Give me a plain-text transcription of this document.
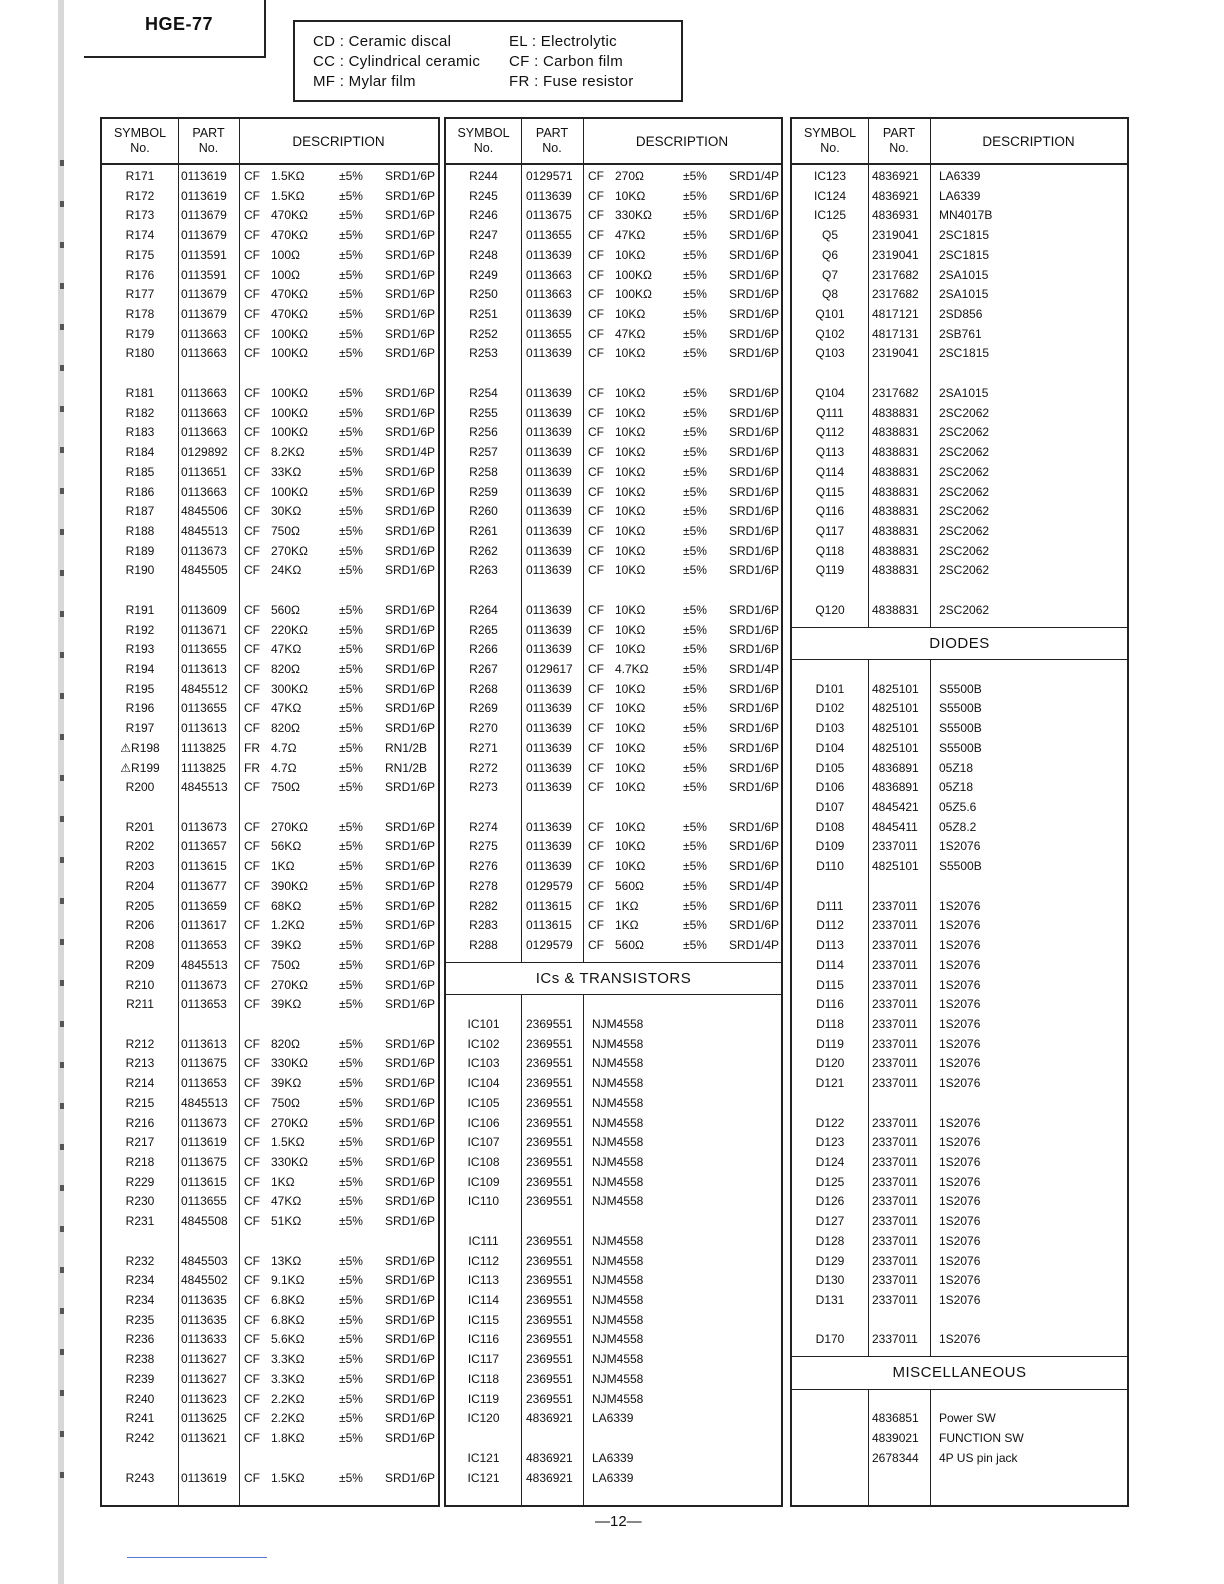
HGE-77
CD : Ceramic discal	EL : Electrolytic
CC : Cylindrical ceramic CF : Carbon film
MF : Mylar film	FR : Fuse resistor
SYMBOL
No.
PART
No.	DESCRIPTION
R171	0113619 CF 1.5KΩ	±5% SRD1/6P
R172	0113619 CF 1.5KΩ	±5% SRD1/6P
R173	0113679 CF 470KΩ	±5% SRD1/6P
R174	0113679 CF 470KΩ	±5% SRD1/6P
R175	0113591 CF 100Ω	±5% SRD1/6P
R176	0113591 CF 100Ω	±5% SRD1/6P
R177	0113679 CF 470KΩ	±5% SRD1/6P
R178	0113679 CF 470KΩ	±5% SRD1/6P
R179	0113663 CF 100KΩ	±5% SRD1/6P
R180	0113663 CF 100KΩ	±5% SRD1/6P
R181	0113663 CF 100KΩ	±5% SRD1/6P
R182	0113663 CF 100KΩ	±5% SRD1/6P
R183	0113663 CF 100KΩ	±5% SRD1/6P
R184	0129892 CF 8.2KΩ	±5% SRD1/4P
R185	0113651 CF 33KΩ	±5% SRD1/6P
R186	0113663 CF 100KΩ	±5% SRD1/6P
R187	4845506 CF 30KΩ	±5% SRD1/6P
R188	4845513 CF 750Ω	±5% SRD1/6P
R189	0113673 CF 270KΩ	±5% SRD1/6P
R190	4845505 CF 24KΩ	±5% SRD1/6P
R191	0113609 CF 560Ω	±5% SRD1/6P
R192	0113671 CF 220KΩ	±5% SRD1/6P
R193	0113655 CF 47KΩ	±5% SRD1/6P
R194	0113613 CF 820Ω	±5% SRD1/6P
R195	4845512 CF 300KΩ	±5% SRD1/6P
R196	0113655 CF 47KΩ	±5% SRD1/6P
R197	0113613 CF 820Ω	±5% SRD1/6P
⚠R198	1113825 FR 4.7Ω	±5% RN1/2B
⚠R199	1113825 FR 4.7Ω	±5% RN1/2B
R200	4845513 CF 750Ω	±5% SRD1/6P
R201	0113673 CF 270KΩ	±5% SRD1/6P
R202	0113657 CF 56KΩ	±5% SRD1/6P
R203	0113615 CF 1KΩ	±5% SRD1/6P
R204	0113677 CF 390KΩ	±5% SRD1/6P
R205	0113659 CF 68KΩ	±5% SRD1/6P
R206	0113617 CF 1.2KΩ	±5% SRD1/6P
R208	0113653 CF 39KΩ	±5% SRD1/6P
R209	4845513 CF 750Ω	±5% SRD1/6P
R210	0113673 CF 270KΩ	±5% SRD1/6P
R211	0113653 CF 39KΩ	±5% SRD1/6P
R212	0113613 CF 820Ω	±5% SRD1/6P
R213	0113675 CF 330KΩ	±5% SRD1/6P
R214	0113653 CF 39KΩ	±5% SRD1/6P
R215	4845513 CF 750Ω	±5% SRD1/6P
R216	0113673 CF 270KΩ	±5% SRD1/6P
R217	0113619 CF 1.5KΩ	±5% SRD1/6P
R218	0113675 CF 330KΩ	±5% SRD1/6P
R229	0113615 CF 1KΩ	±5% SRD1/6P
R230	0113655 CF 47KΩ	±5% SRD1/6P
R231	4845508 CF 51KΩ	±5% SRD1/6P
R232	4845503 CF 13KΩ	±5% SRD1/6P
R234	4845502 CF 9.1KΩ	±5% SRD1/6P
R234	0113635 CF 6.8KΩ	±5% SRD1/6P
R235	0113635 CF 6.8KΩ	±5% SRD1/6P
R236	0113633 CF 5.6KΩ	±5% SRD1/6P
R238	0113627 CF 3.3KΩ	±5% SRD1/6P
R239	0113627 CF 3.3KΩ	±5% SRD1/6P
R240	0113623 CF 2.2KΩ	±5% SRD1/6P
R241	0113625 CF 2.2KΩ	±5% SRD1/6P
R242	0113621 CF 1.8KΩ	±5% SRD1/6P
R243	0113619 CF 1.5KΩ	±5% SRD1/6P
SYMBOL
No.
PART
No.	DESCRIPTION
R244	0129571 CF 270Ω	±5% SRD1/4P
R245	0113639 CF 10KΩ	±5% SRD1/6P
R246	0113675 CF 330KΩ	±5% SRD1/6P
R247	0113655 CF 47KΩ	±5% SRD1/6P
R248	0113639 CF 10KΩ	±5% SRD1/6P
R249	0113663 CF 100KΩ	±5% SRD1/6P
R250	0113663 CF 100KΩ	±5% SRD1/6P
R251	0113639 CF 10KΩ	±5% SRD1/6P
R252	0113655 CF 47KΩ	±5% SRD1/6P
R253	0113639 CF 10KΩ	±5% SRD1/6P
R254	0113639 CF 10KΩ	±5% SRD1/6P
R255	0113639 CF 10KΩ	±5% SRD1/6P
R256	0113639 CF 10KΩ	±5% SRD1/6P
R257	0113639 CF 10KΩ	±5% SRD1/6P
R258	0113639 CF 10KΩ	±5% SRD1/6P
R259	0113639 CF 10KΩ	±5% SRD1/6P
R260	0113639 CF 10KΩ	±5% SRD1/6P
R261	0113639 CF 10KΩ	±5% SRD1/6P
R262	0113639 CF 10KΩ	±5% SRD1/6P
R263	0113639 CF 10KΩ	±5% SRD1/6P
R264	0113639 CF 10KΩ	±5% SRD1/6P
R265	0113639 CF 10KΩ	±5% SRD1/6P
R266	0113639 CF 10KΩ	±5% SRD1/6P
R267	0129617 CF 4.7KΩ	±5% SRD1/4P
R268	0113639 CF 10KΩ	±5% SRD1/6P
R269	0113639 CF 10KΩ	±5% SRD1/6P
R270	0113639 CF 10KΩ	±5% SRD1/6P
R271	0113639 CF 10KΩ	±5% SRD1/6P
R272	0113639 CF 10KΩ	±5% SRD1/6P
R273	0113639 CF 10KΩ	±5% SRD1/6P
R274	0113639 CF 10KΩ	±5% SRD1/6P
R275	0113639 CF 10KΩ	±5% SRD1/6P
R276	0113639 CF 10KΩ	±5% SRD1/6P
R278	0129579 CF 560Ω	±5% SRD1/4P
R282	0113615 CF 1KΩ	±5% SRD1/6P
R283	0113615 CF 1KΩ	±5% SRD1/6P
R288	0129579 CF 560Ω	±5% SRD1/4P
ICs & TRANSISTORS
IC101	2369551 NJM4558
IC102	2369551 NJM4558
IC103	2369551 NJM4558
IC104	2369551 NJM4558
IC105	2369551 NJM4558
IC106	2369551 NJM4558
IC107	2369551 NJM4558
IC108	2369551 NJM4558
IC109	2369551 NJM4558
IC110	2369551 NJM4558
IC111	2369551 NJM4558
IC112	2369551 NJM4558
IC113	2369551 NJM4558
IC114	2369551 NJM4558
IC115	2369551 NJM4558
IC116	2369551 NJM4558
IC117	2369551 NJM4558
IC118	2369551 NJM4558
IC119	2369551 NJM4558
IC120	4836921 LA6339
IC121	4836921 LA6339
IC121	4836921 LA6339
SYMBOL
No.
PART
No.	DESCRIPTION
IC123	4836921 LA6339
IC124	4836921 LA6339
IC125	4836931 MN4017B
Q5	2319041 2SC1815
Q6	2319041 2SC1815
Q7	2317682 2SA1015
Q8	2317682 2SA1015
Q101	4817121 2SD856
Q102	4817131 2SB761
Q103	2319041 2SC1815
Q104	2317682 2SA1015
Q111	4838831 2SC2062
Q112	4838831 2SC2062
Q113	4838831 2SC2062
Q114	4838831 2SC2062
Q115	4838831 2SC2062
Q116	4838831 2SC2062
Q117	4838831 2SC2062
Q118	4838831 2SC2062
Q119	4838831 2SC2062
Q120	4838831 2SC2062
DIODES
D101	4825101 S5500B
D102	4825101 S5500B
D103	4825101 S5500B
D104	4825101 S5500B
D105	4836891 05Z18
D106	4836891 05Z18
D107	4845421 05Z5.6
D108	4845411 05Z8.2
D109	2337011 1S2076
D110	4825101 S5500B
D111	2337011 1S2076
D112	2337011 1S2076
D113	2337011 1S2076
D114	2337011 1S2076
D115	2337011 1S2076
D116	2337011 1S2076
D118	2337011 1S2076
D119	2337011 1S2076
D120	2337011 1S2076
D121	2337011 1S2076
D122	2337011 1S2076
D123	2337011 1S2076
D124	2337011 1S2076
D125	2337011 1S2076
D126	2337011 1S2076
D127	2337011 1S2076
D128	2337011 1S2076
D129	2337011 1S2076
D130	2337011 1S2076
D131	2337011 1S2076
D170	2337011 1S2076
MISCELLANEOUS
4836851 Power SW
4839021 FUNCTION SW
2678344 4P US pin jack
—12—
